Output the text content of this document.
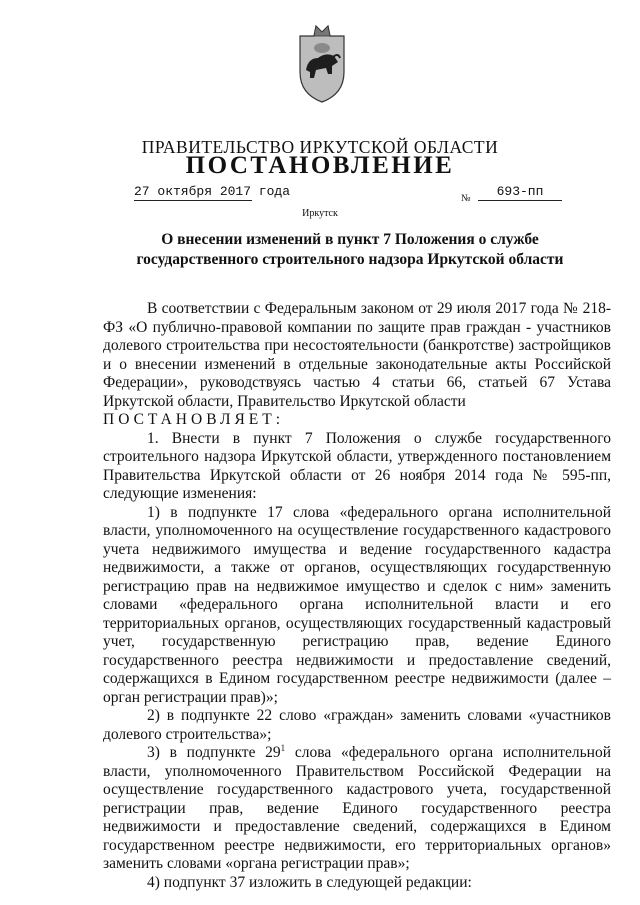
ПРАВИТЕЛЬСТВО ИРКУТСКОЙ ОБЛАСТИ
ПОСТАНОВЛЕНИЕ
27 октября 2017 года	№	693-пп
Иркутск
О внесении изменений в пункт 7 Положения о службе государственного строительного надзора Иркутской области

В соответствии с Федеральным законом от 29 июля 2017 года № 218-ФЗ «О публично-правовой компании по защите прав граждан - участников долевого строительства при несостоятельности (банкротстве) застройщиков и о внесении изменений в отдельные законодательные акты Российской Федерации», руководствуясь частью 4 статьи 66, статьей 67 Устава Иркутской области, Правительство Иркутской области

ПОСТАНОВЛЯЕТ:

1. Внести в пункт 7 Положения о службе государственного строительного надзора Иркутской области, утвержденного постановлением Правительства Иркутской области от 26 ноября 2014 года № 595-пп, следующие изменения:

1) в подпункте 17 слова «федерального органа исполнительной власти, уполномоченного на осуществление государственного кадастрового учета недвижимого имущества и ведение государственного кадастра недвижимости, а также от органов, осуществляющих государственную регистрацию прав на недвижимое имущество и сделок с ним» заменить словами «федерального органа исполнительной власти и его территориальных органов, осуществляющих государственный кадастровый учет, государственную регистрацию прав, ведение Единого государственного реестра недвижимости и предоставление сведений, содержащихся в Едином государственном реестре недвижимости (далее – орган регистрации прав)»;

2) в подпункте 22 слово «граждан» заменить словами «участников долевого строительства»;

3) в подпункте $29^1$ слова «федерального органа исполнительной власти, уполномоченного Правительством Российской Федерации на осуществление государственного кадастрового учета, государственной регистрации прав, ведение Единого государственного реестра недвижимости и предоставление сведений, содержащихся в Едином государственном реестре недвижимости, его территориальных органов» заменить словами «органа регистрации прав»;

4) подпункт 37 изложить в следующей редакции:
